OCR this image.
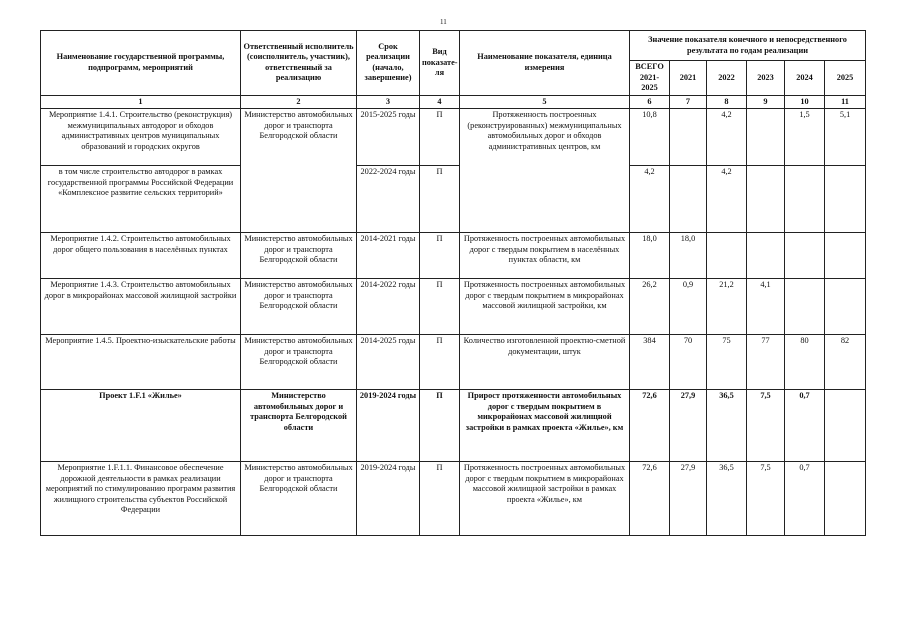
11
Наименование государственной программы, подпрограмм, мероприятий	Ответственный исполнитель (соисполнитель, участник), ответственный за реализацию	Срок реализации (начало, завершение)	Вид показате-ля	Наименование показателя, единица измерения	Значение показателя конечного и непосредственного результата по годам реализации					
					ВСЕГО 2021-2025	2021	2022	2023	2024	2025
1	2	3	4	5	6	7	8	9	10	11
Мероприятие 1.4.1. Строительство (реконструкция) межмуниципальных автодорог и обходов административных центров муниципальных образований и городских округов	Министерство автомобильных дорог и транспорта Белгородской области	2015-2025 годы	П	Протяженность построенных (реконструированных) межмуниципальных автомобильных дорог и обходов административных центров, км	10,8		4,2		1,5	5,1
в том числе строительство автодорог в рамках государственной программы Российской Федерации «Комплексное развитие сельских территорий»		2022-2024 годы	П		4,2		4,2			
Мероприятие 1.4.2. Строительство автомобильных дорог общего пользования в населённых пунктах	Министерство автомобильных дорог и транспорта Белгородской области	2014-2021 годы	П	Протяженность построенных автомобильных дорог с твердым покрытием в населённых пунктах области, км	18,0	18,0				
Мероприятие 1.4.3. Строительство автомобильных дорог в микрорайонах массовой жилищной застройки	Министерство автомобильных дорог и транспорта Белгородской области	2014-2022 годы	П	Протяженность построенных автомобильных дорог с твердым покрытием в микрорайонах массовой жилищной застройки, км	26,2	0,9	21,2	4,1		
Мероприятие 1.4.5. Проектно-изыскательские работы	Министерство автомобильных дорог и транспорта Белгородской области	2014-2025 годы	П	Количество изготовленной проектно-сметной документации, штук	384	70	75	77	80	82
Проект 1.F.1 «Жилье»	Министерство автомобильных дорог и транспорта Белгородской области	2019-2024 годы	П	Прирост протяженности автомобильных дорог с твердым покрытием в микрорайонах массовой жилищной застройки в рамках проекта «Жилье», км	72,6	27,9	36,5	7,5	0,7	
Мероприятие 1.F.1.1. Финансовое обеспечение дорожной деятельности в рамках реализации мероприятий по стимулированию программ развития жилищного строительства субъектов Российской Федерации	Министерство автомобильных дорог и транспорта Белгородской области	2019-2024 годы	П	Протяженность построенных автомобильных дорог с твердым покрытием в микрорайонах массовой жилищной застройки в рамках проекта «Жилье», км	72,6	27,9	36,5	7,5	0,7	
